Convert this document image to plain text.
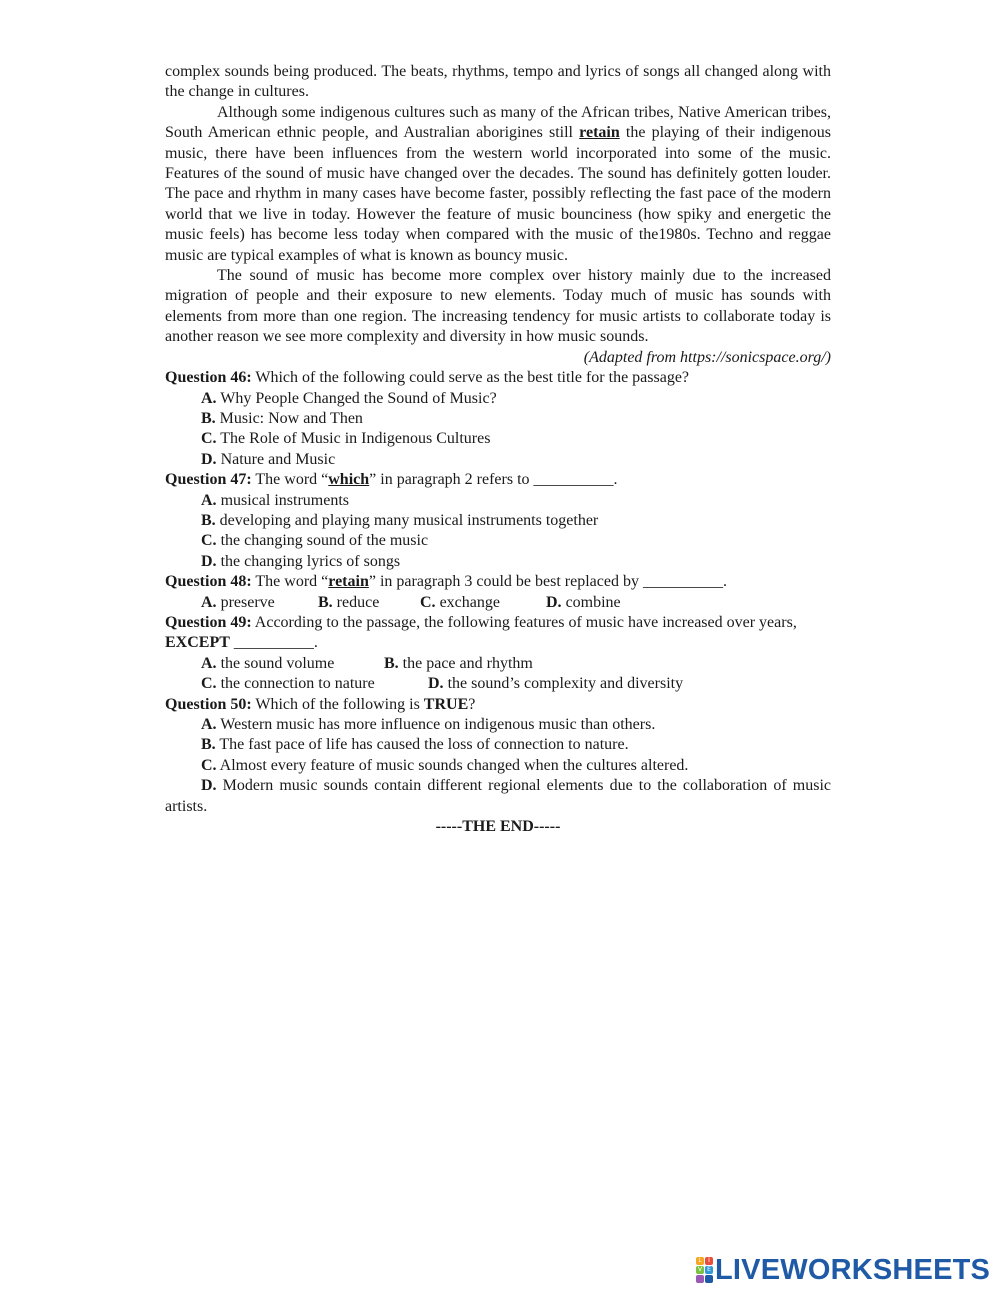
complex sounds being produced. The beats, rhythms, tempo and lyrics of songs all changed along with the change in cultures.

Although some indigenous cultures such as many of the African tribes, Native American tribes, South American ethnic people, and Australian aborigines still retain the playing of their indigenous music, there have been influences from the western world incorporated into some of the music. Features of the sound of music have changed over the decades. The sound has definitely gotten louder. The pace and rhythm in many cases have become faster, possibly reflecting the fast pace of the modern world that we live in today. However the feature of music bounciness (how spiky and energetic the music feels) has become less today when compared with the music of the1980s. Techno and reggae music are typical examples of what is known as bouncy music.

The sound of music has become more complex over history mainly due to the increased migration of people and their exposure to new elements. Today much of music has sounds with elements from more than one region. The increasing tendency for music artists to collaborate today is another reason we see more complexity and diversity in how music sounds.

(Adapted from https://sonicspace.org/)

Question 46: Which of the following could serve as the best title for the passage?

A. Why People Changed the Sound of Music?

B. Music: Now and Then

C. The Role of Music in Indigenous Cultures

D. Nature and Music

Question 47: The word “which” in paragraph 2 refers to __________.

A. musical instruments

B. developing and playing many musical instruments together

C. the changing sound of the music

D. the changing lyrics of songs

Question 48: The word “retain” in paragraph 3 could be best replaced by __________.

A. preserve	B. reduce	C. exchange	D. combine

Question 49: According to the passage, the following features of music have increased over years, EXCEPT __________.

A. the sound volume	B. the pace and rhythm

C. the connection to nature	D. the sound’s complexity and diversity

Question 50: Which of the following is TRUE?

A. Western music has more influence on indigenous music than others.

B. The fast pace of life has caused the loss of connection to nature.

C. Almost every feature of music sounds changed when the cultures altered.

D. Modern music sounds contain different regional elements due to the collaboration of music artists.

-----THE END-----

L	I
V E LIVEWORKSHEETS
